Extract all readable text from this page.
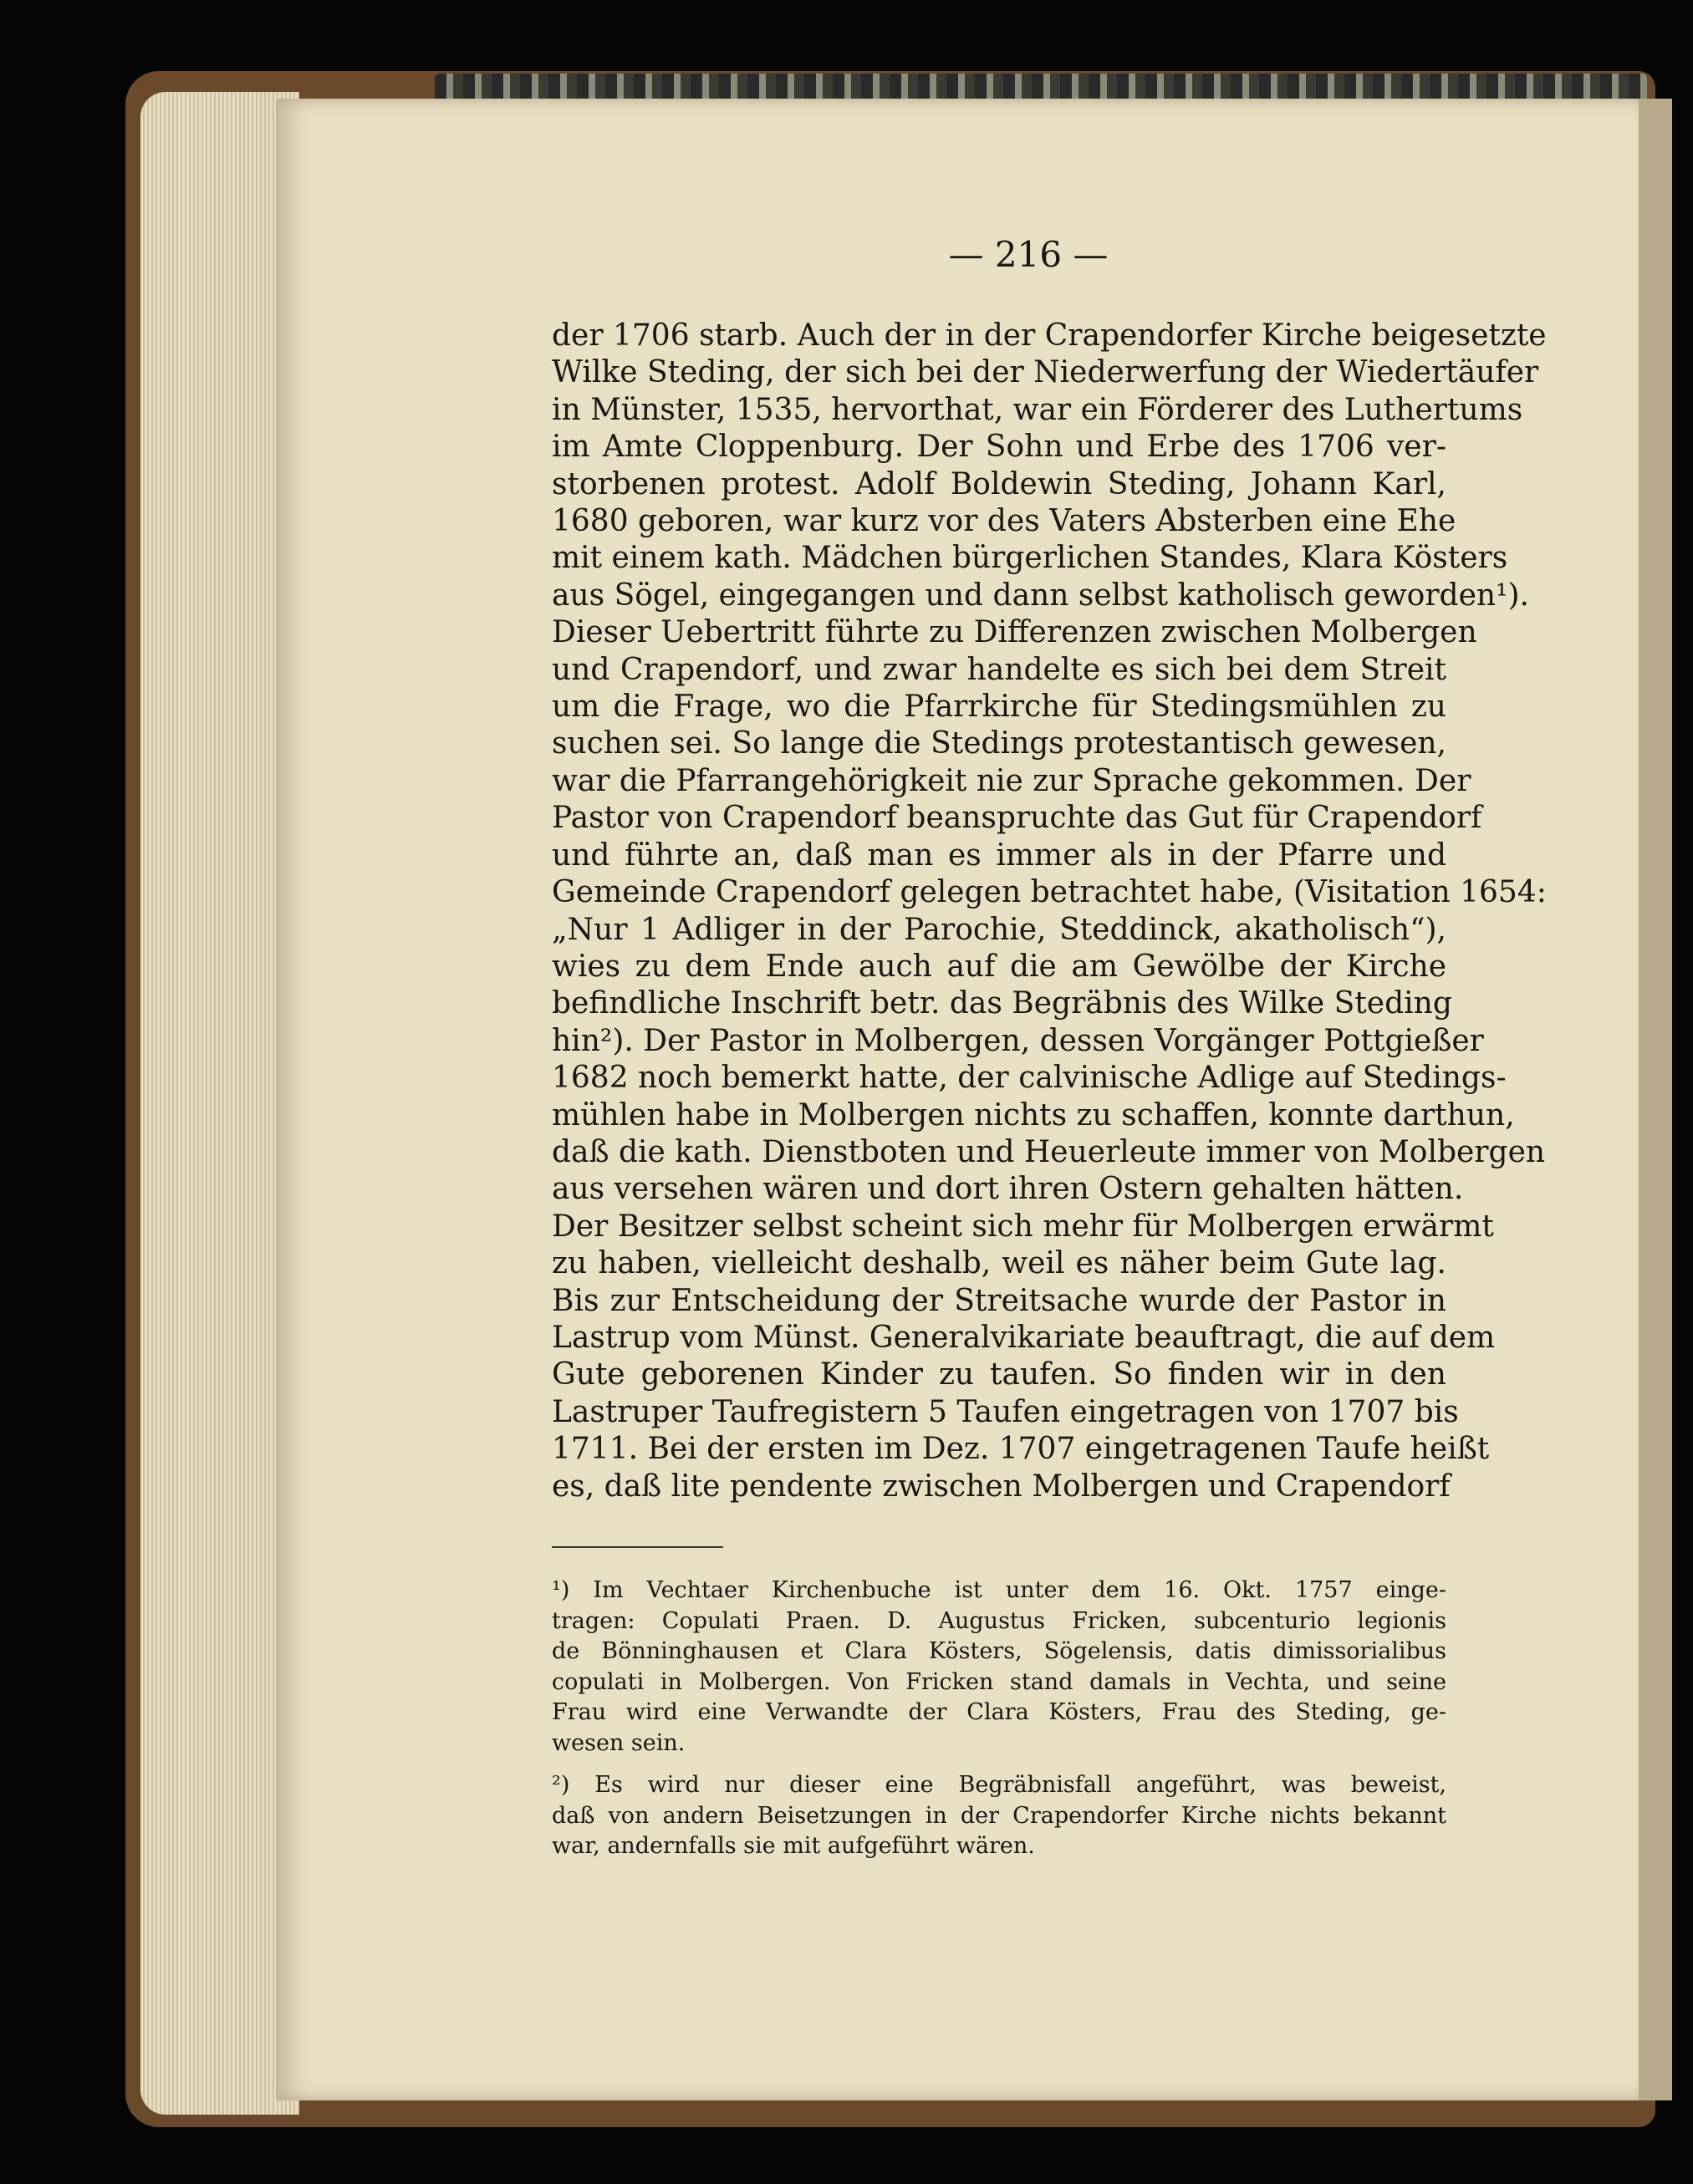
— 216 —
der 1706 starb. Auch der in der Crapendorfer Kirche beigesetzte
Wilke Steding, der sich bei der Niederwerfung der Wiedertäufer
in Münster, 1535, hervorthat, war ein Förderer des Luthertums
im Amte Cloppenburg. Der Sohn und Erbe des 1706 ver-
storbenen protest. Adolf Boldewin Steding, Johann Karl,
1680 geboren, war kurz vor des Vaters Absterben eine Ehe
mit einem kath. Mädchen bürgerlichen Standes, Klara Kösters
aus Sögel, eingegangen und dann selbst katholisch geworden¹).
Dieser Uebertritt führte zu Differenzen zwischen Molbergen
und Crapendorf, und zwar handelte es sich bei dem Streit
um die Frage, wo die Pfarrkirche für Stedingsmühlen zu
suchen sei. So lange die Stedings protestantisch gewesen,
war die Pfarrangehörigkeit nie zur Sprache gekommen. Der
Pastor von Crapendorf beanspruchte das Gut für Crapendorf
und führte an, daß man es immer als in der Pfarre und
Gemeinde Crapendorf gelegen betrachtet habe, (Visitation 1654:
„Nur 1 Adliger in der Parochie, Steddinck, akatholisch“),
wies zu dem Ende auch auf die am Gewölbe der Kirche
befindliche Inschrift betr. das Begräbnis des Wilke Steding
hin²). Der Pastor in Molbergen, dessen Vorgänger Pottgießer
1682 noch bemerkt hatte, der calvinische Adlige auf Stedings-
mühlen habe in Molbergen nichts zu schaffen, konnte darthun,
daß die kath. Dienstboten und Heuerleute immer von Molbergen
aus versehen wären und dort ihren Ostern gehalten hätten.
Der Besitzer selbst scheint sich mehr für Molbergen erwärmt
zu haben, vielleicht deshalb, weil es näher beim Gute lag.
Bis zur Entscheidung der Streitsache wurde der Pastor in
Lastrup vom Münst. Generalvikariate beauftragt, die auf dem
Gute geborenen Kinder zu taufen. So finden wir in den
Lastruper Taufregistern 5 Taufen eingetragen von 1707 bis
1711. Bei der ersten im Dez. 1707 eingetragenen Taufe heißt
es, daß lite pendente zwischen Molbergen und Crapendorf
¹) Im Vechtaer Kirchenbuche ist unter dem 16. Okt. 1757 einge-
tragen: Copulati Praen. D. Augustus Fricken, subcenturio legionis
de Bönninghausen et Clara Kösters, Sögelensis, datis dimissorialibus
copulati in Molbergen. Von Fricken stand damals in Vechta, und seine
Frau wird eine Verwandte der Clara Kösters, Frau des Steding, ge-
wesen sein.
²) Es wird nur dieser eine Begräbnisfall angeführt, was beweist,
daß von andern Beisetzungen in der Crapendorfer Kirche nichts bekannt
war, andernfalls sie mit aufgeführt wären.
